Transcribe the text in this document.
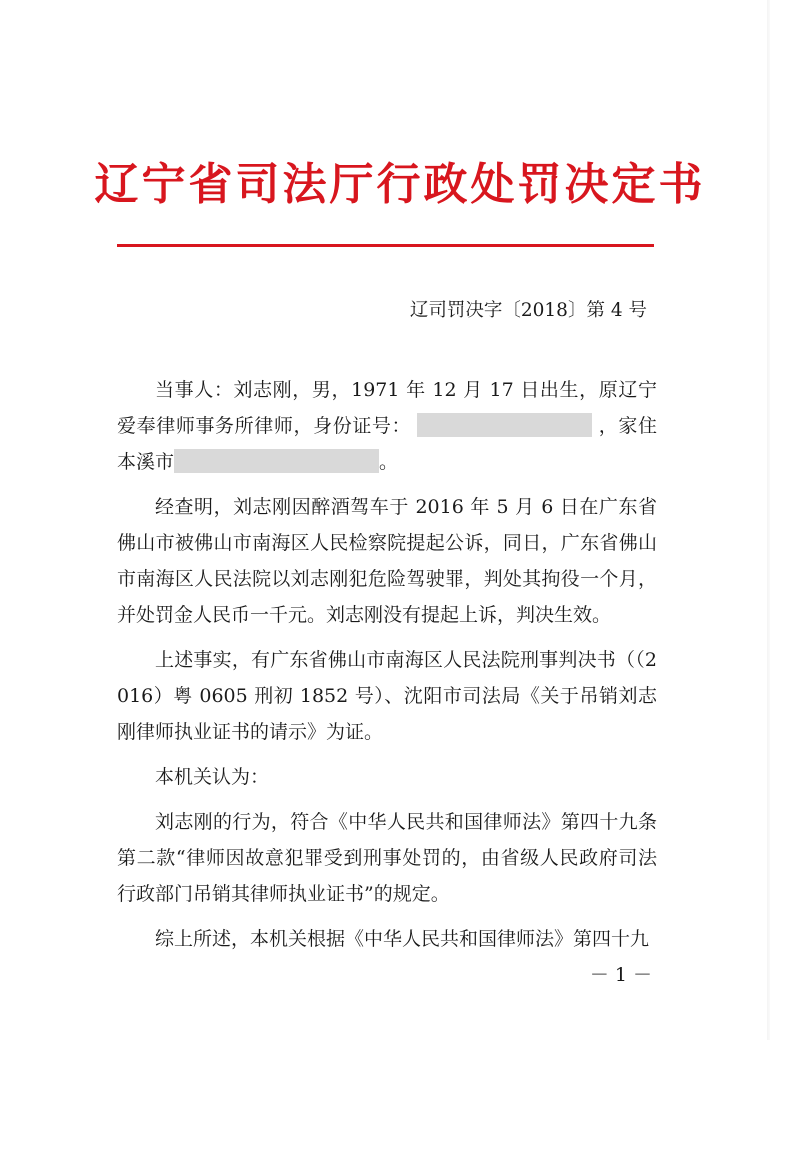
辽宁省司法厅行政处罚决定书
辽司罚决字〔2018〕第 4 号

当事人：刘志刚，男，1971 年 12 月 17 日出生，原辽宁爱奉律师事务所律师，身份证号：	，家住本溪市	。

经查明，刘志刚因醉酒驾车于 2016 年 5 月 6 日在广东省佛山市被佛山市南海区人民检察院提起公诉，同日，广东省佛山市南海区人民法院以刘志刚犯危险驾驶罪，判处其拘役一个月，并处罚金人民币一千元。刘志刚没有提起上诉，判决生效。

上述事实，有广东省佛山市南海区人民法院刑事判决书（（2016）粤 0605 刑初 1852 号）、沈阳市司法局《关于吊销刘志刚律师执业证书的请示》为证。

本机关认为：

刘志刚的行为，符合《中华人民共和国律师法》第四十九条第二款“律师因故意犯罪受到刑事处罚的，由省级人民政府司法行政部门吊销其律师执业证书”的规定。

综上所述，本机关根据《中华人民共和国律师法》第四十九

－ 1 －
